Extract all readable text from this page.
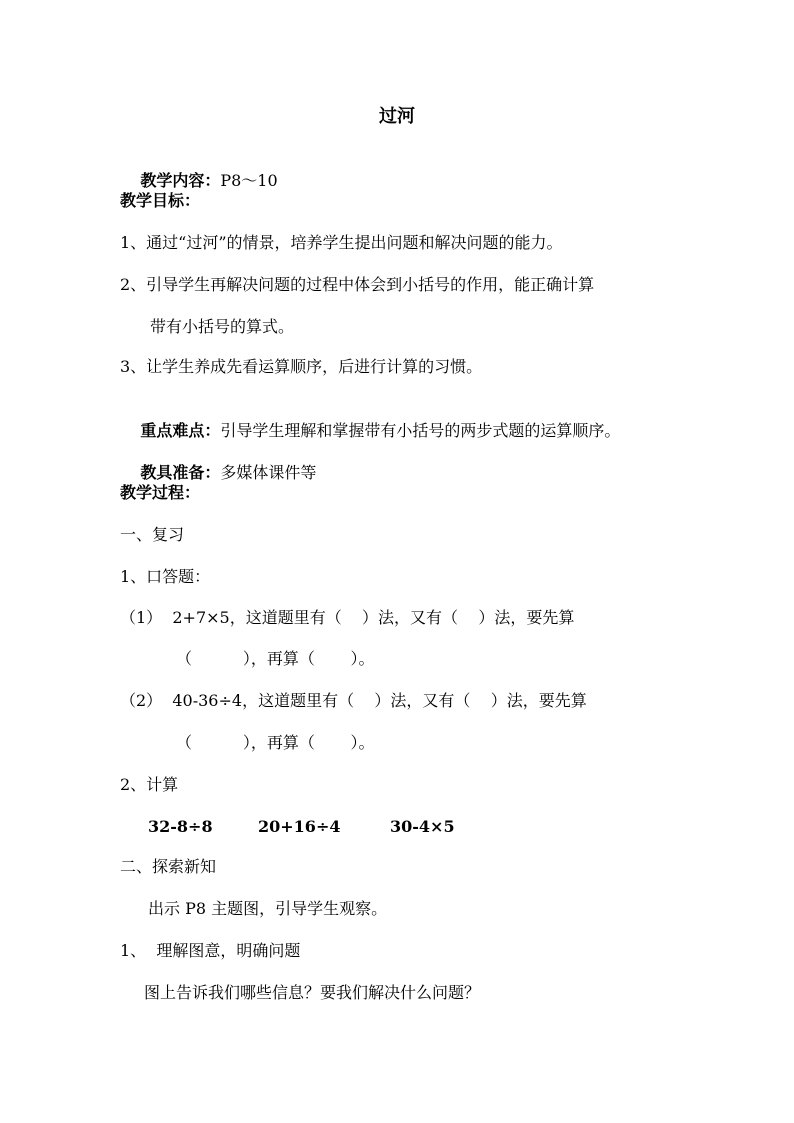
过河

教学内容：P8～10

教学目标：
1、通过“过河”的情景，培养学生提出问题和解决问题的能力。
2、引导学生再解决问题的过程中体会到小括号的作用，能正确计算
带有小括号的算式。
3、让学生养成先看运算顺序，后进行计算的习惯。

重点难点：引导学生理解和掌握带有小括号的两步式题的运算顺序。

教具准备：多媒体课件等

教学过程：
一、复习
1、口答题：
（1）  2+7×5，这道题里有（    ）法，又有（    ）法，要先算
（          ），再算（       ）。
（2）  40-36÷4，这道题里有（    ）法，又有（    ）法，要先算
（          ），再算（       ）。
2、计算
32-8÷8	20+16÷4	30-4×5
二、探索新知
出示 P8 主题图，引导学生观察。
1、  理解图意，明确问题
图上告诉我们哪些信息？要我们解决什么问题？
